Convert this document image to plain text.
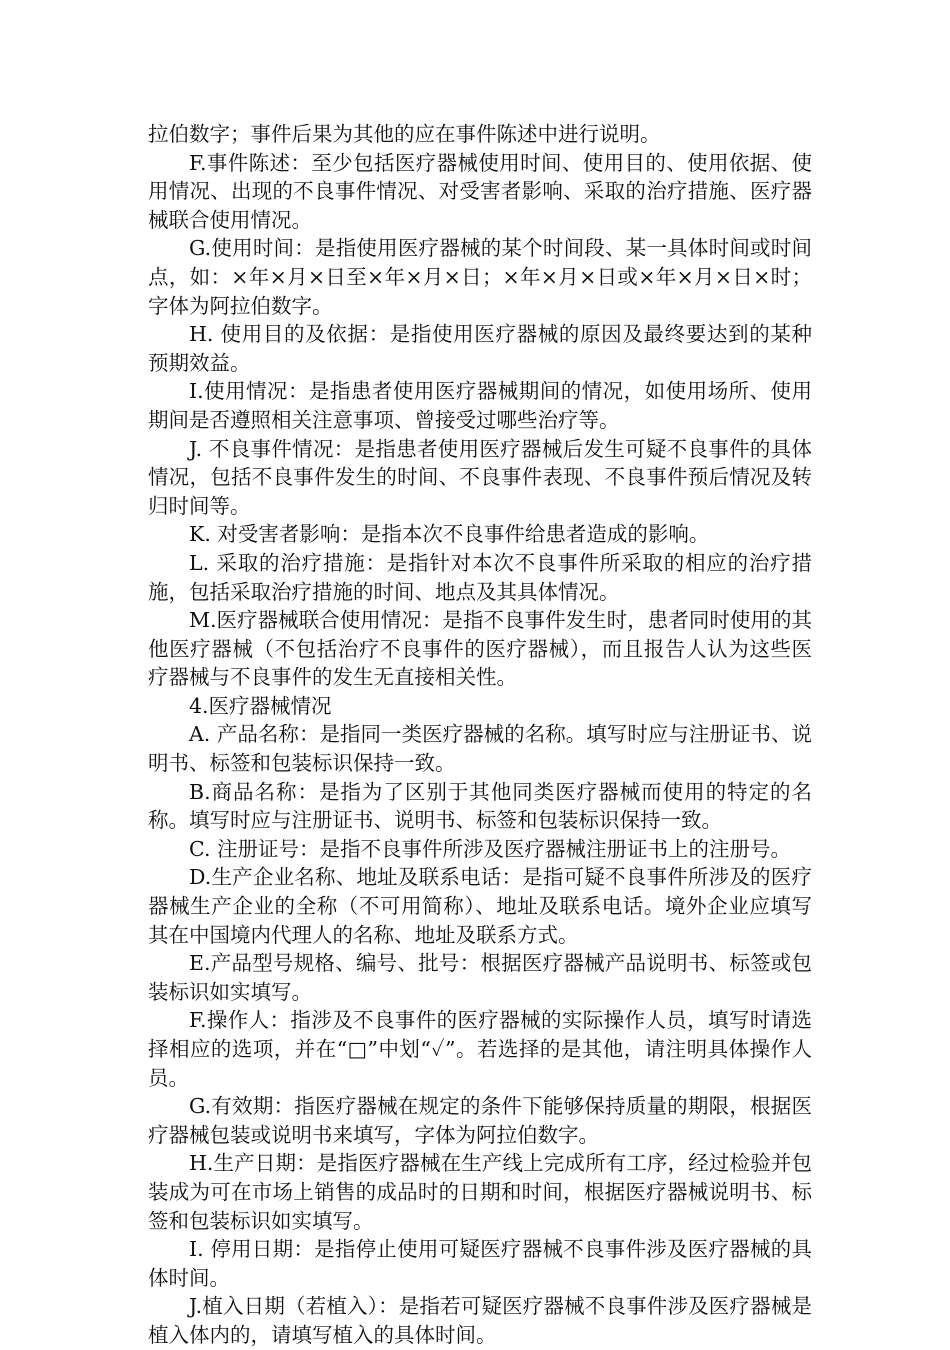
拉伯数字；事件后果为其他的应在事件陈述中进行说明。

F.事件陈述：至少包括医疗器械使用时间、使用目的、使用依据、使用情况、出现的不良事件情况、对受害者影响、采取的治疗措施、医疗器械联合使用情况。

G.使用时间：是指使用医疗器械的某个时间段、某一具体时间或时间点，如：×年×月×日至×年×月×日；×年×月×日或×年×月×日×时；字体为阿拉伯数字。

H. 使用目的及依据：是指使用医疗器械的原因及最终要达到的某种预期效益。

I.使用情况：是指患者使用医疗器械期间的情况，如使用场所、使用期间是否遵照相关注意事项、曾接受过哪些治疗等。

J. 不良事件情况：是指患者使用医疗器械后发生可疑不良事件的具体情况，包括不良事件发生的时间、不良事件表现、不良事件预后情况及转归时间等。

K. 对受害者影响：是指本次不良事件给患者造成的影响。

L. 采取的治疗措施：是指针对本次不良事件所采取的相应的治疗措施，包括采取治疗措施的时间、地点及其具体情况。

M.医疗器械联合使用情况：是指不良事件发生时，患者同时使用的其他医疗器械（不包括治疗不良事件的医疗器械），而且报告人认为这些医疗器械与不良事件的发生无直接相关性。

4.医疗器械情况

A. 产品名称：是指同一类医疗器械的名称。填写时应与注册证书、说明书、标签和包装标识保持一致。

B.商品名称：是指为了区别于其他同类医疗器械而使用的特定的名称。填写时应与注册证书、说明书、标签和包装标识保持一致。

C. 注册证号：是指不良事件所涉及医疗器械注册证书上的注册号。

D.生产企业名称、地址及联系电话：是指可疑不良事件所涉及的医疗器械生产企业的全称（不可用简称）、地址及联系电话。境外企业应填写其在中国境内代理人的名称、地址及联系方式。

E.产品型号规格、编号、批号：根据医疗器械产品说明书、标签或包装标识如实填写。

F.操作人：指涉及不良事件的医疗器械的实际操作人员，填写时请选择相应的选项，并在“□”中划“✓”。若选择的是其他，请注明具体操作人员。

G.有效期：指医疗器械在规定的条件下能够保持质量的期限，根据医疗器械包装或说明书来填写，字体为阿拉伯数字。

H.生产日期：是指医疗器械在生产线上完成所有工序，经过检验并包装成为可在市场上销售的成品时的日期和时间，根据医疗器械说明书、标签和包装标识如实填写。

I. 停用日期：是指停止使用可疑医疗器械不良事件涉及医疗器械的具体时间。

J.植入日期（若植入）：是指若可疑医疗器械不良事件涉及医疗器械是植入体内的，请填写植入的具体时间。
